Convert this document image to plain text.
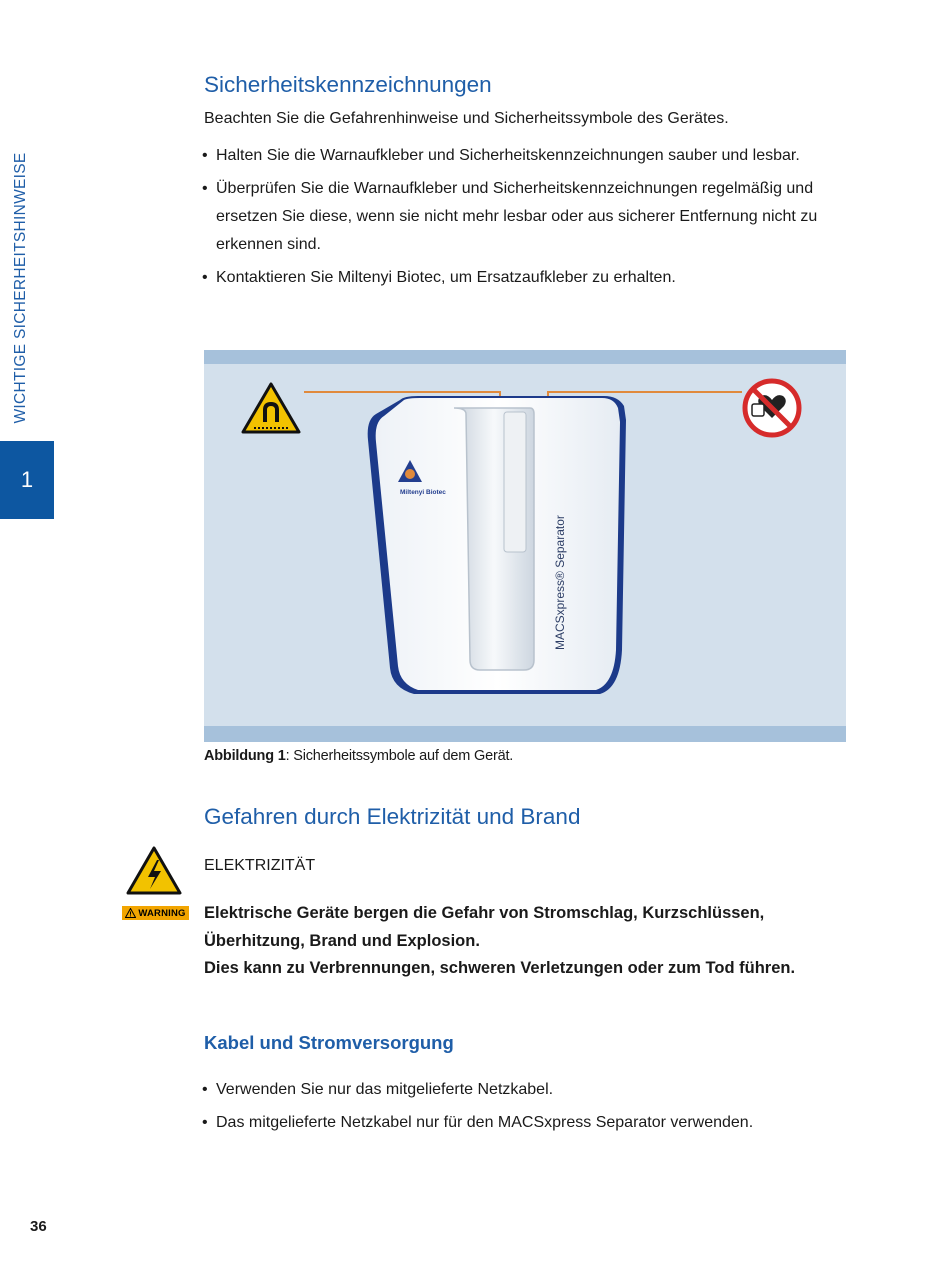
WICHTIGE SICHERHEITSHINWEISE
1
Sicherheitskennzeichnungen

Beachten Sie die Gefahrenhinweise und Sicherheitssymbole des Gerätes.

• Halten Sie die Warnaufkleber und Sicherheitskennzeichnungen sauber und lesbar.
• Überprüfen Sie die Warnaufkleber und Sicherheitskennzeichnungen regelmäßig und ersetzen Sie diese, wenn sie nicht mehr lesbar oder aus sicherer Entfernung nicht zu erkennen sind.
• Kontaktieren Sie Miltenyi Biotec, um Ersatzaufkleber zu erhalten.
Miltenyi Biotec
MACSxpress® Separator
Abbildung 1: Sicherheitssymbole auf dem Gerät.
Gefahren durch Elektrizität und Brand
ELEKTRIZITÄT
WARNING Elektrische Geräte bergen die Gefahr von Stromschlag, Kurzschlüssen, Überhitzung, Brand und Explosion.
Dies kann zu Verbrennungen, schweren Verletzungen oder zum Tod führen.
Kabel und Stromversorgung
• Verwenden Sie nur das mitgelieferte Netzkabel.
• Das mitgelieferte Netzkabel nur für den MACSxpress Separator verwenden.
36
